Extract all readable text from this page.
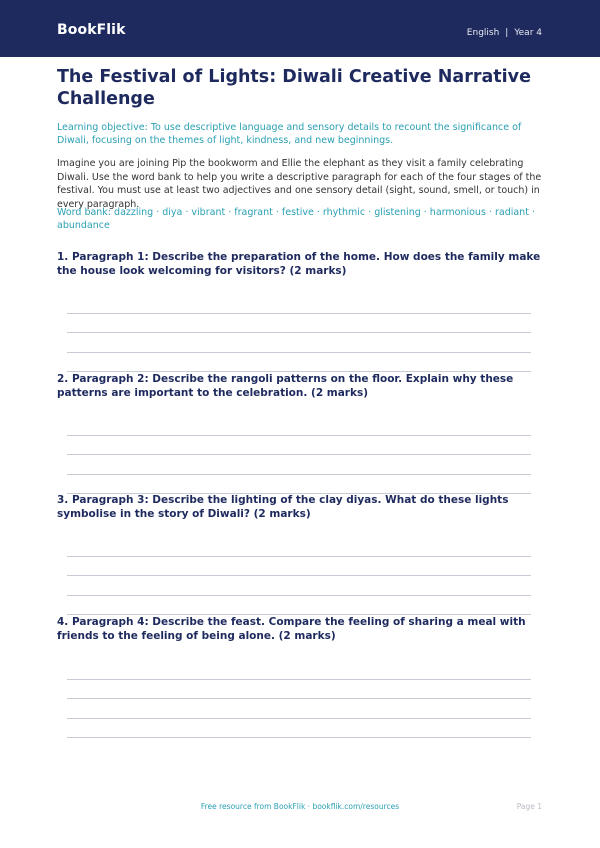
BookFlik	English | Year 4
The Festival of Lights: Diwali Creative Narrative Challenge
Learning objective: To use descriptive language and sensory details to recount the significance of Diwali, focusing on the themes of light, kindness, and new beginnings.
Imagine you are joining Pip the bookworm and Ellie the elephant as they visit a family celebrating Diwali. Use the word bank to help you write a descriptive paragraph for each of the four stages of the festival. You must use at least two adjectives and one sensory detail (sight, sound, smell, or touch) in every paragraph.
Word bank: dazzling · diya · vibrant · fragrant · festive · rhythmic · glistening · harmonious · radiant · abundance
1. Paragraph 1: Describe the preparation of the home. How does the family make the house look welcoming for visitors? (2 marks)
2. Paragraph 2: Describe the rangoli patterns on the floor. Explain why these patterns are important to the celebration. (2 marks)
3. Paragraph 3: Describe the lighting of the clay diyas. What do these lights symbolise in the story of Diwali? (2 marks)
4. Paragraph 4: Describe the feast. Compare the feeling of sharing a meal with friends to the feeling of being alone. (2 marks)
Free resource from BookFlik · bookflik.com/resources	Page 1
